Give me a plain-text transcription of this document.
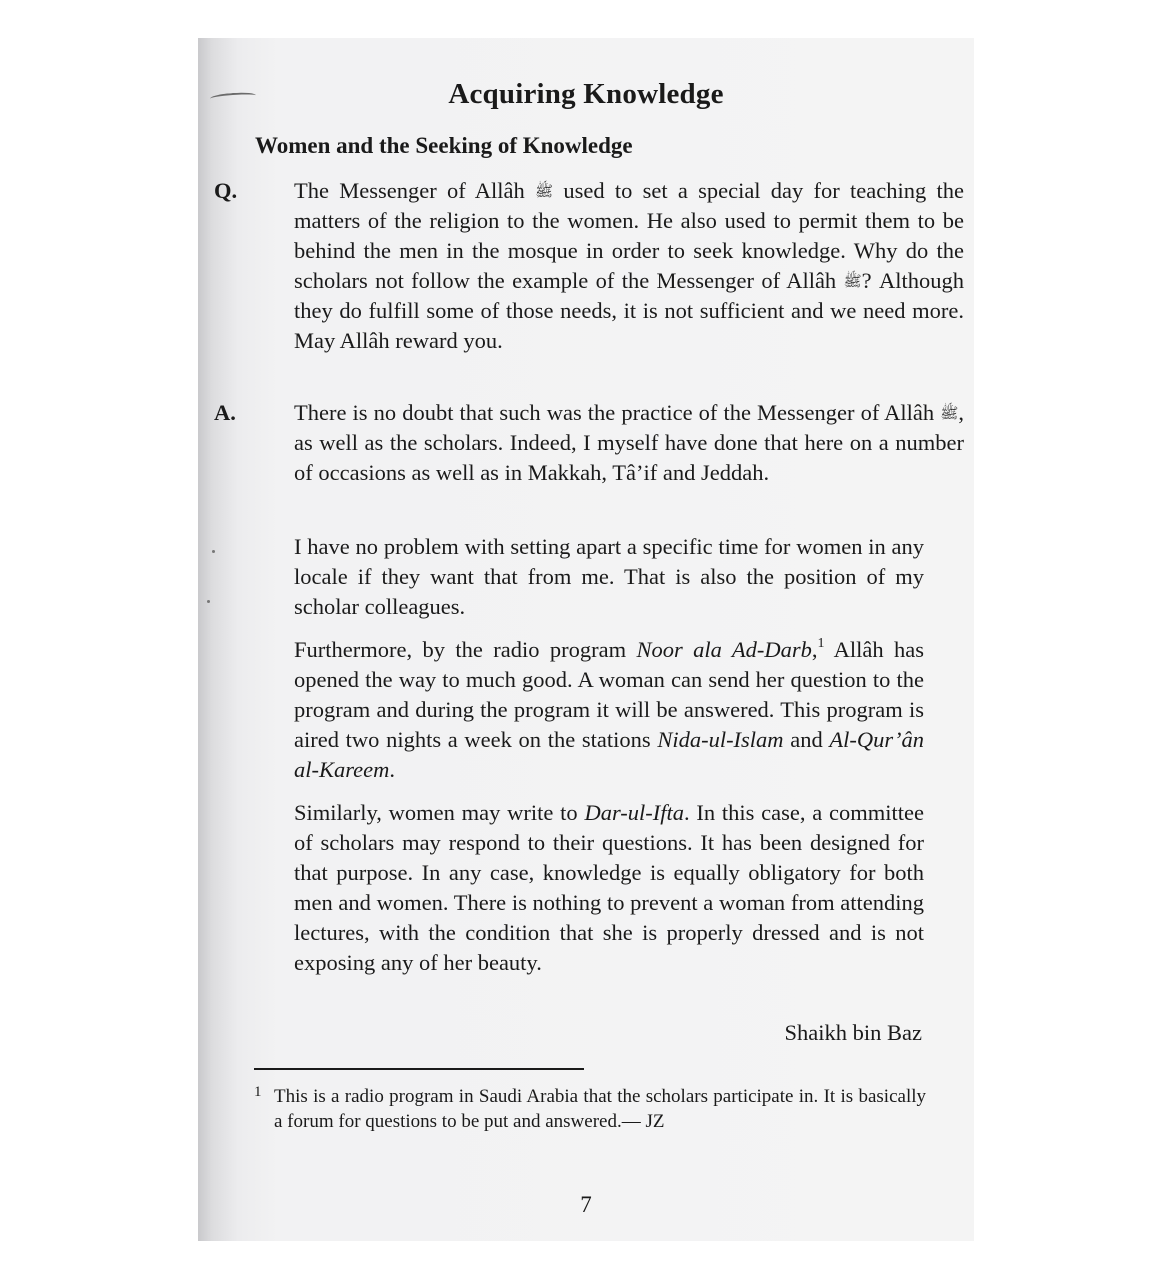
Acquiring Knowledge
Women and the Seeking of Knowledge
Q.	The Messenger of Allâh ﷺ used to set a special day for teaching the matters of the religion to the women. He also used to permit them to be behind the men in the mosque in order to seek knowledge. Why do the scholars not follow the example of the Messenger of Allâh ﷺ? Although they do fulfill some of those needs, it is not sufficient and we need more. May Allâh reward you.
A.	There is no doubt that such was the practice of the Messenger of Allâh ﷺ, as well as the scholars. Indeed, I myself have done that here on a number of occasions as well as in Makkah, Tâ’if and Jeddah.
I have no problem with setting apart a specific time for women in any locale if they want that from me. That is also the position of my scholar colleagues.
Furthermore, by the radio program Noor ala Ad-Darb,$^1$ Allâh has opened the way to much good. A woman can send her question to the program and during the program it will be answered. This program is aired two nights a week on the stations Nida-ul-Islam and Al-Qur’ân al-Kareem.
Similarly, women may write to Dar-ul-Ifta. In this case, a committee of scholars may respond to their questions. It has been designed for that purpose. In any case, knowledge is equally obligatory for both men and women. There is nothing to prevent a woman from attending lectures, with the condition that she is properly dressed and is not exposing any of her beauty.
Shaikh bin Baz
1 This is a radio program in Saudi Arabia that the scholars participate in. It is basically a forum for questions to be put and answered.— JZ
7
